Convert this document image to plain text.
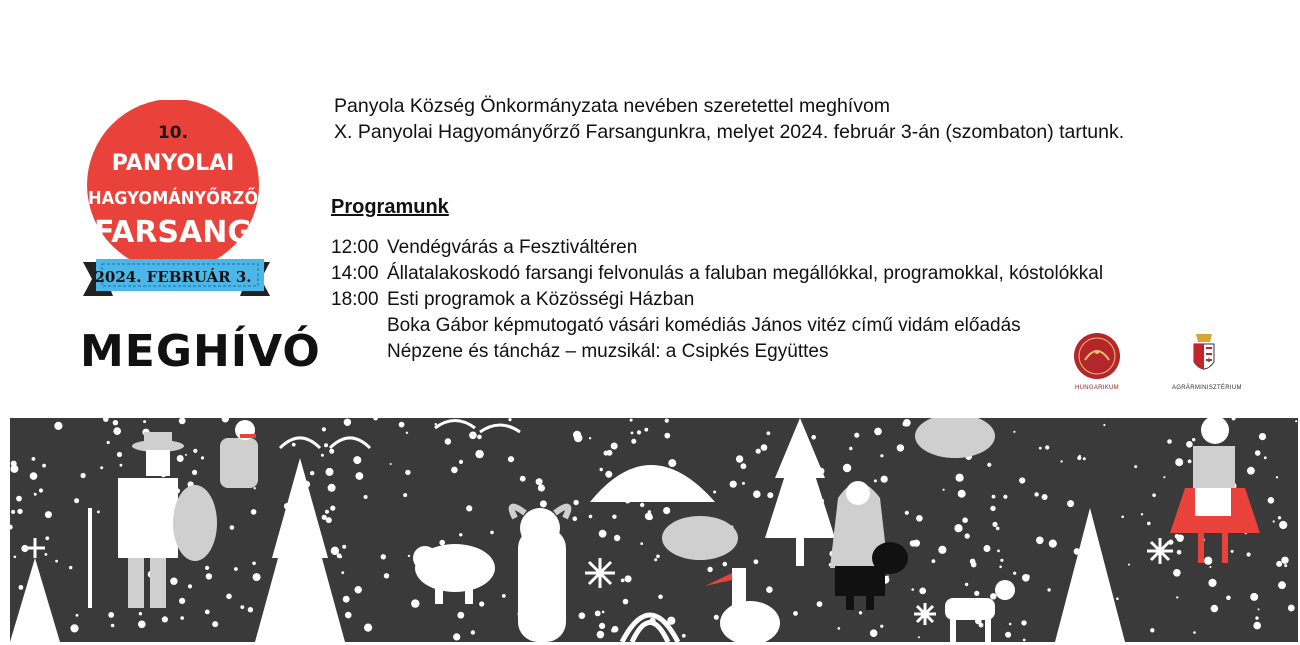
10.
PANYOLAI
HAGYOMÁNYŐRZŐ
FARSANG
2024. FEBRUÁR 3.
MEGHÍVÓ
Panyola Község Önkormányzata nevében szeretettel meghívom
X. Panyolai Hagyományőrző Farsangunkra, melyet 2024. február 3-án (szombaton) tartunk.
Programunk
12:00 Vendégvárás a Fesztiváltéren
14:00 Állatalakoskodó farsangi felvonulás a faluban megállókkal, programokkal, kóstolókkal
18:00 Esti programok a Közösségi Házban
Boka Gábor képmutogató vásári komédiás János vitéz című vidám előadás
Népzene és táncház – muzsikál: a Csipkés Együttes
HUNGARIKUM	AGRÁRMINISZTÉRIUM
